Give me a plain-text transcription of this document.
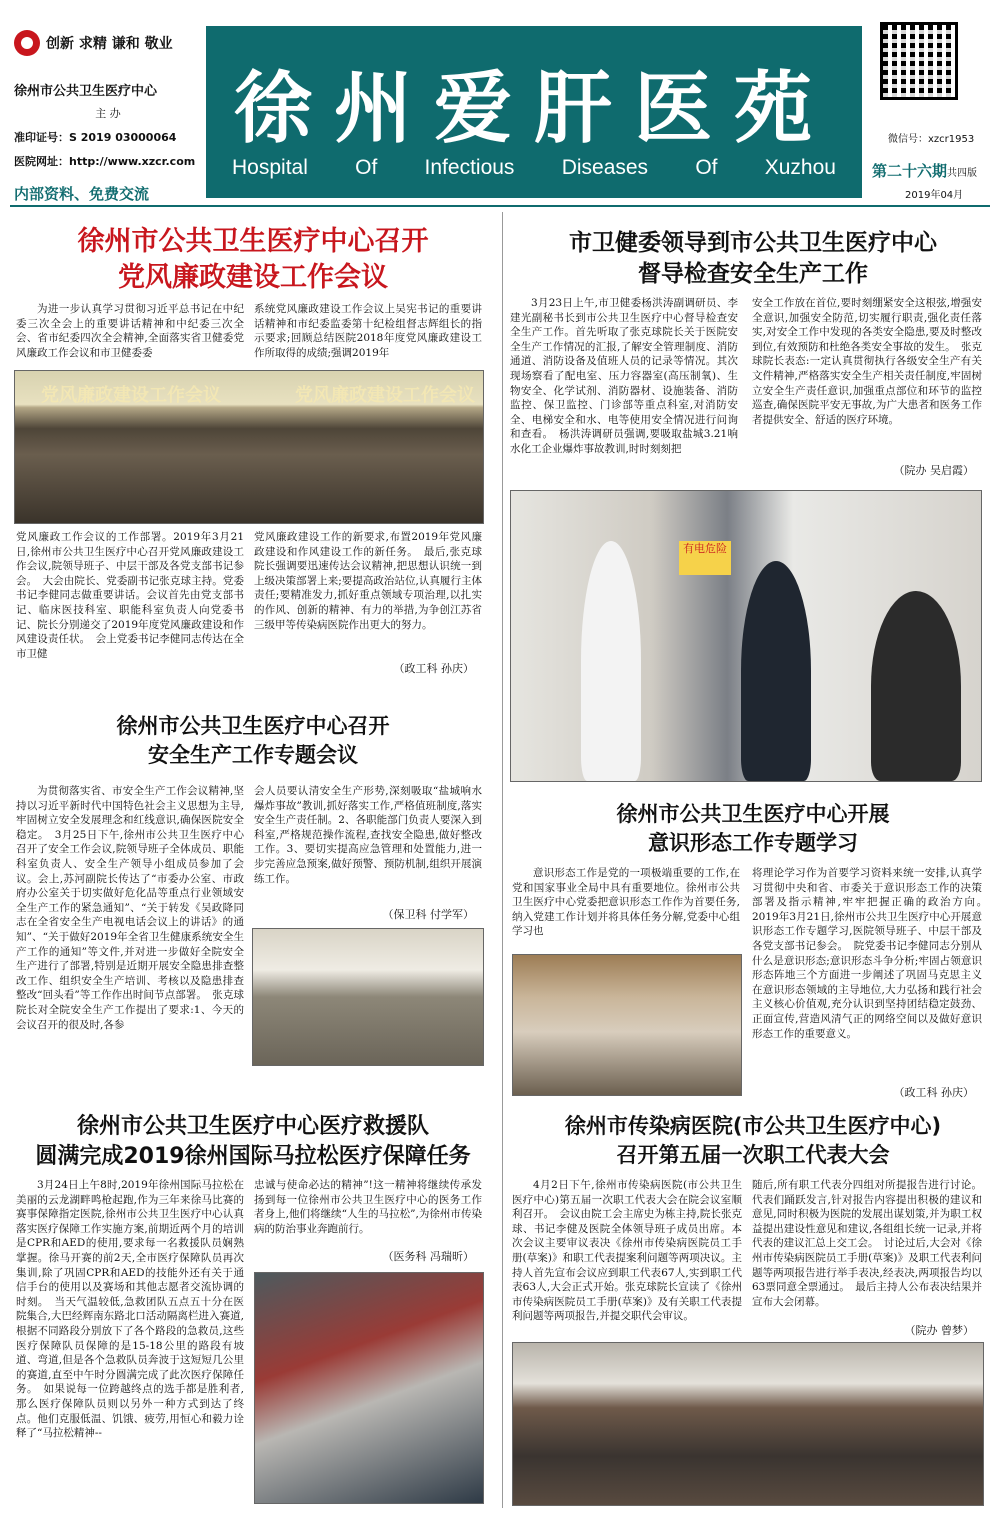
创新 求精 谦和 敬业
徐州市公共卫生医疗中心
主 办
准印证号：S 2019 03000064
医院网址：http://www.xzcr.com
内部资料、免费交流
徐州爱肝医苑
Hospital Of Infectious Diseases Of Xuzhou
微信号：xzcr1953
第二十六期共四版
2019年04月
徐州市公共卫生医疗中心召开
党风廉政建设工作会议
为进一步认真学习贯彻习近平总书记在中纪委三次全会上的重要讲话精神和中纪委三次全会、省市纪委四次全会精神,全面落实省卫健委党风廉政工作会议和市卫健委委
系统党风廉政建设工作会议上吴宪书记的重要讲话精神和市纪委监委第十纪检组督志辉组长的指示要求;回顾总结医院2018年度党风廉政建设工作所取得的成绩;强调2019年
党风廉政建设工作会议	党风廉政建设工作会议
党风廉政工作会议的工作部署。2019年3月21日,徐州市公共卫生医疗中心召开党风廉政建设工作会议,院领导班子、中层干部及各党支部书记参会。　大会由院长、党委副书记张克球主持。党委书记李健同志做重要讲话。会议首先由党支部书记、临床医技科室、职能科室负责人向党委书记、院长分别递交了2019年度党风廉政建设和作风建设责任状。　会上党委书记李健同志传达在全市卫健
党风廉政建设工作的新要求,布置2019年党风廉政建设和作风建设工作的新任务。　最后,张克球院长强调要迅速传达会议精神,把思想认识统一到上级决策部署上来;要提高政治站位,认真履行主体责任;要精准发力,抓好重点领域专项治理,以扎实的作风、创新的精神、有力的举措,为争创江苏省三级甲等传染病医院作出更大的努力。
（政工科 孙庆）
市卫健委领导到市公共卫生医疗中心
督导检查安全生产工作
3月23日上午,市卫健委杨洪涛副调研员、李建光副秘书长到市公共卫生医疗中心督导检查安全生产工作。首先听取了张克球院长关于医院安全生产工作情况的汇报,了解安全管理制度、消防通道、消防设备及值班人员的记录等情况。其次现场察看了配电室、压力容器室(高压制氧)、生物安全、化学试剂、消防器材、设施装备、消防监控、保卫监控、门诊部等重点科室,对消防安全、电梯安全和水、电等使用安全情况进行问询和查看。　杨洪涛调研员强调,要吸取盐城3.21响水化工企业爆炸事故教训,时时刻刻把
安全工作放在首位,要时刻绷紧安全这根弦,增强安全意识,加强安全防范,切实履行职责,强化责任落实,对安全工作中发现的各类安全隐患,要及时整改到位,有效预防和杜绝各类安全事故的发生。　张克球院长表态:一定认真贯彻执行各级安全生产有关文件精神,严格落实安全生产相关责任制度,牢固树立安全生产责任意识,加强重点部位和环节的监控巡查,确保医院平安无事故,为广大患者和医务工作者提供安全、舒适的医疗环境。
（院办 吴启霞）
有电危险
徐州市公共卫生医疗中心召开
安全生产工作专题会议
为贯彻落实省、市安全生产工作会议精神,坚持以习近平新时代中国特色社会主义思想为主导,牢固树立安全发展理念和红线意识,确保医院安全稳定。　3月25日下午,徐州市公共卫生医疗中心召开了安全工作会议,院领导班子全体成员、职能科室负责人、安全生产领导小组成员参加了会议。会上,苏河副院长传达了“市委办公室、市政府办公室关于切实做好危化品等重点行业领域安全生产工作的紧急通知”、“关于转发《吴政降同志在全省安全生产电视电话会议上的讲话》的通知”、“关于做好2019年全省卫生健康系统安全生产工作的通知”等文件,并对进一步做好全院安全生产进行了部署,特别是近期开展安全隐患排查整改工作、组织安全生产培训、考核以及隐患排查整改“回头看”等工作作出时间节点部署。　张克球院长对全院安全生产工作提出了要求:1、今天的会议召开的很及时,各参
会人员要认清安全生产形势,深刻吸取“盐城响水爆炸事故”教训,抓好落实工作,严格值班制度,落实安全生产责任制。2、各职能部门负责人要深入到科室,严格规范操作流程,查找安全隐患,做好整改工作。3、要切实提高应急管理和处置能力,进一步完善应急预案,做好预警、预防机制,组织开展演练工作。
（保卫科 付学军）
徐州市公共卫生医疗中心开展
意识形态工作专题学习
意识形态工作是党的一项极端重要的工作,在党和国家事业全局中具有重要地位。徐州市公共卫生医疗中心党委把意识形态工作作为首要任务,纳入党建工作计划并将具体任务分解,党委中心组学习也
将理论学习作为首要学习资料来统一安排,认真学习贯彻中央和省、市委关于意识形态工作的决策部署及指示精神,牢牢把握正确的政治方向。　2019年3月21日,徐州市公共卫生医疗中心开展意识形态工作专题学习,医院领导班子、中层干部及各党支部书记参会。　院党委书记李健同志分别从什么是意识形态;意识形态斗争分析;牢固占领意识形态阵地三个方面进一步阐述了巩固马克思主义在意识形态领域的主导地位,大力弘扬和践行社会主义核心价值观,充分认识到坚持团结稳定鼓劲、正面宣传,营造风清气正的网络空间以及做好意识形态工作的重要意义。
（政工科 孙庆）
徐州市公共卫生医疗中心医疗救援队
圆满完成2019徐州国际马拉松医疗保障任务
3月24日上午8时,2019年徐州国际马拉松在美丽的云龙湖畔鸣枪起跑,作为三年来徐马比赛的赛事保障指定医院,徐州市公共卫生医疗中心认真落实医疗保障工作实施方案,前期近两个月的培训是CPR和AED的使用,要求每一名救援队员娴熟掌握。徐马开赛的前2天,全市医疗保障队员再次集训,除了巩固CPR和AED的技能外还有关于通信手台的使用以及赛场和其他志愿者交流协调的时刻。　当天气温较低,急救团队五点五十分在医院集合,大巴经辉南东路北口活动隔离栏进入赛道,根据不同路段分别放下了各个路段的急救员,这些医疗保障队员保障的是15-18公里的路段有坡道、弯道,但是各个急救队员奔波于这短短几公里的赛道,直至中午时分圆满完成了此次医疗保障任务。　如果说每一位跨越终点的选手都是胜利者,那么医疗保障队员则以另外一种方式到达了终点。他们克服低温、饥饿、疲劳,用恒心和毅力诠释了“马拉松精神--
忠诚与使命必达的精神”!这一精神将继续传承发扬到每一位徐州市公共卫生医疗中心的医务工作者身上,他们将继续“人生的马拉松”,为徐州市传染病的防治事业奔跑前行。
（医务科 冯瑞昕）
徐州市传染病医院(市公共卫生医疗中心)
召开第五届一次职工代表大会
4月2日下午,徐州市传染病医院(市公共卫生医疗中心)第五届一次职工代表大会在院会议室顺利召开。　会议由院工会主席史为栋主持,院长张克球、书记李健及医院全体领导班子成员出席。本次会议主要审议表决《徐州市传染病医院员工手册(草案)》和职工代表提案利问题等两项决议。主持人首先宣布会议应到职工代表67人,实到职工代表63人,大会正式开始。张克球院长宣读了《徐州市传染病医院员工手册(草案)》及有关职工代表提利问题等两项报告,并提交职代会审议。
随后,所有职工代表分四组对所提报告进行讨论。代表们踊跃发言,针对报告内容提出积极的建议和意见,同时积极为医院的发展出谋划策,并为职工权益提出建设性意见和建议,各组组长统一记录,并将代表的建议汇总上交工会。　讨论过后,大会对《徐州市传染病医院员工手册(草案)》及职工代表利问题等两项报告进行举手表决,经表决,两项报告均以63票同意全票通过。　最后主持人公布表决结果并宣布大会闭幕。
（院办 曾梦）
